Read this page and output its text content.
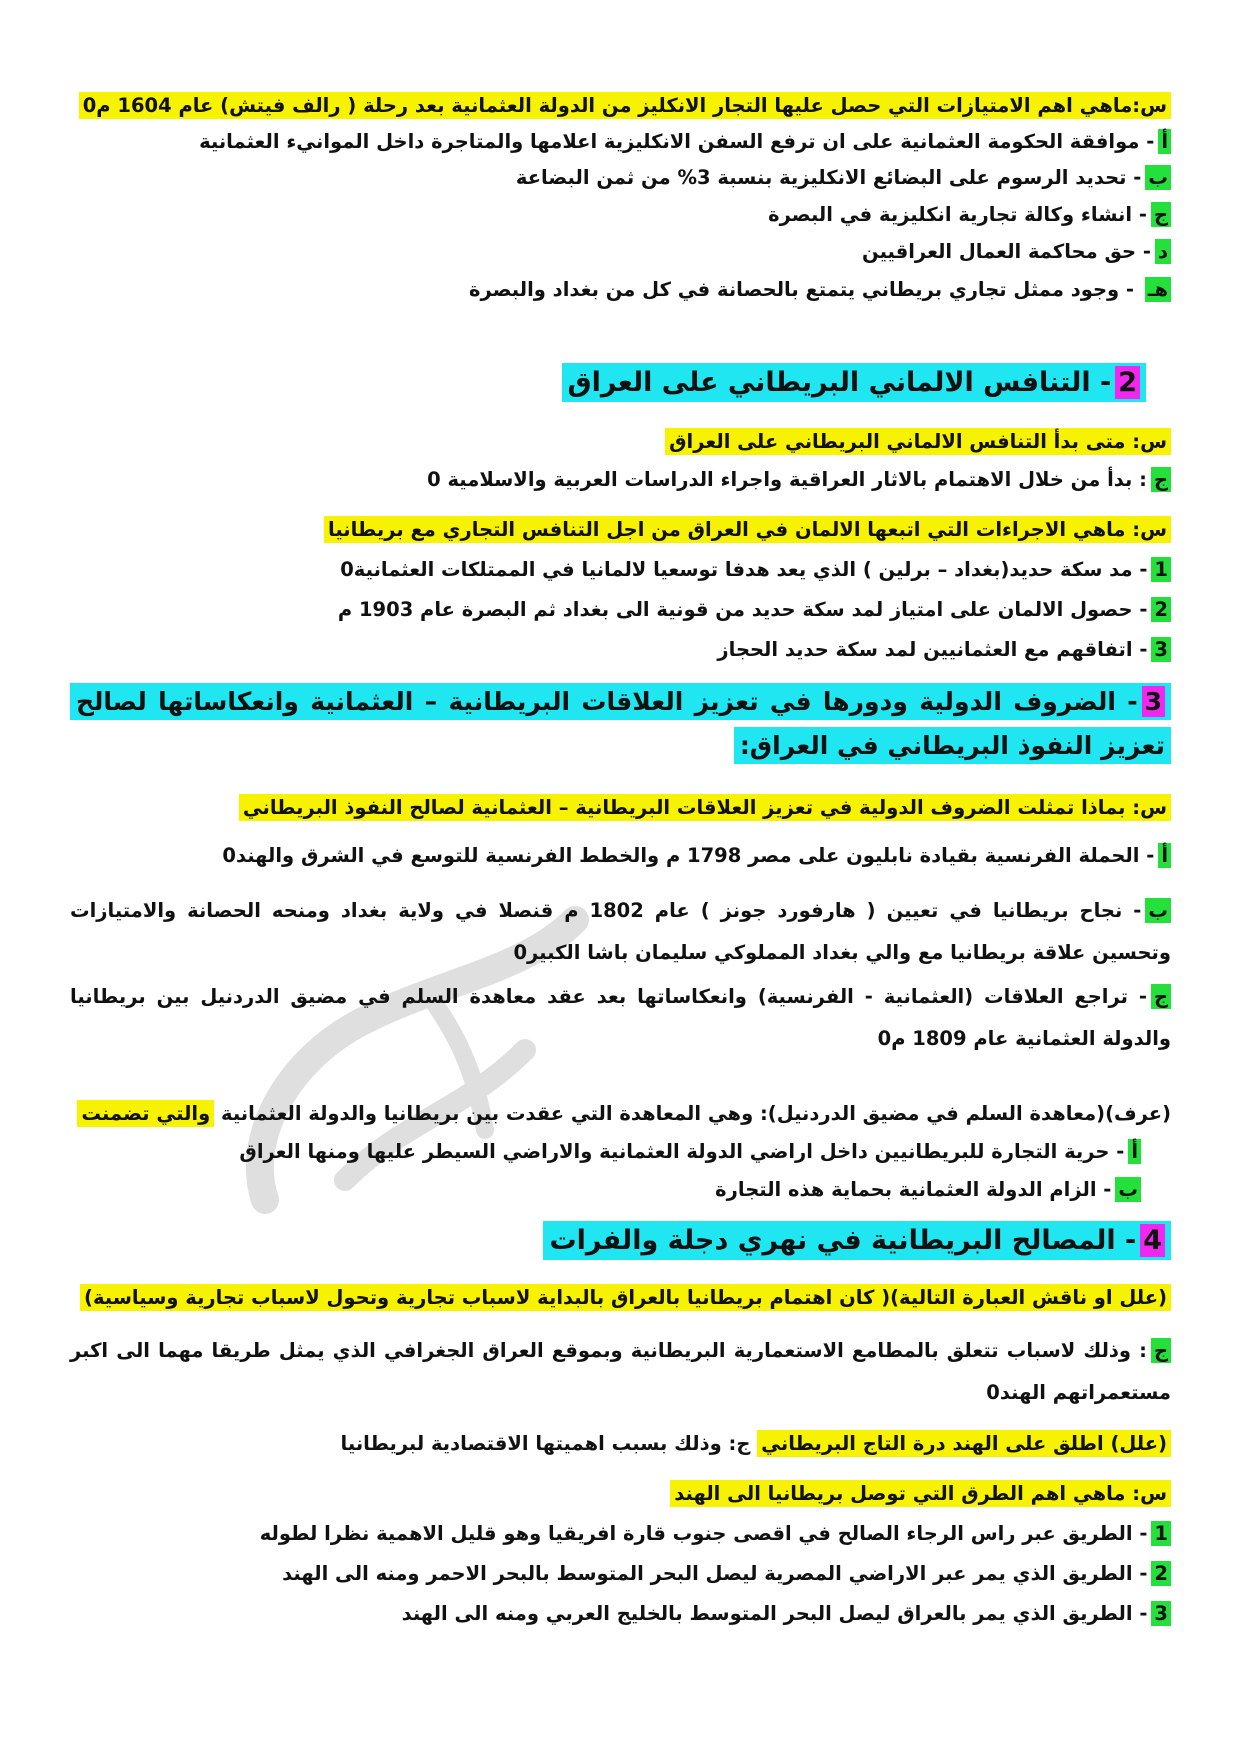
س:ماهي اهم الامتيازات التي حصل عليها التجار الانكليز من الدولة العثمانية بعد رحلة ( رالف فيتش) عام 1604 م0
أ- موافقة الحكومة العثمانية على ان ترفع السفن الانكليزية اعلامها والمتاجرة داخل الموانيء العثمانية
ب- تحديد الرسوم على البضائع الانكليزية بنسبة 3% من ثمن البضاعة
ج- انشاء وكالة تجارية انكليزية في البصرة
د- حق محاكمة العمال العراقيين
هـ - وجود ممثل تجاري بريطاني يتمتع بالحصانة في كل من بغداد والبصرة
2- التنافس الالماني البريطاني على العراق
س: متى بدأ التنافس الالماني البريطاني على العراق
ج: بدأ من خلال الاهتمام بالاثار العراقية واجراء الدراسات العربية والاسلامية 0
س: ماهي الاجراءات التي اتبعها الالمان في العراق من اجل التنافس التجاري مع بريطانيا
1- مد سكة حديد(بغداد – برلين ) الذي يعد هدفا توسعيا لالمانيا في الممتلكات العثمانية0
2- حصول الالمان على امتياز لمد سكة حديد من قونية الى بغداد ثم البصرة عام 1903 م
3- اتفاقهم مع العثمانيين لمد سكة حديد الحجاز
3- الضروف الدولية ودورها في تعزيز العلاقات البريطانية – العثمانية وانعكاساتها لصالح تعزيز النفوذ البريطاني في العراق:
س: بماذا تمثلت الضروف الدولية في تعزيز العلاقات البريطانية – العثمانية لصالح النفوذ البريطاني
أ- الحملة الفرنسية بقيادة نابليون على مصر 1798 م والخطط الفرنسية للتوسع في الشرق والهند0
ب- نجاح بريطانيا في تعيين ( هارفورد جونز ) عام 1802 م قنصلا في ولاية بغداد ومنحه الحصانة والامتيازات وتحسين علاقة بريطانيا مع والي بغداد المملوكي سليمان باشا الكبير0
ج- تراجع العلاقات (العثمانية - الفرنسية) وانعكاساتها بعد عقد معاهدة السلم في مضيق الدردنيل بين بريطانيا والدولة العثمانية عام 1809 م0
(عرف)(معاهدة السلم في مضيق الدردنيل): وهي المعاهدة التي عقدت بين بريطانيا والدولة العثمانية والتي تضمنت
أ- حرية التجارة للبريطانيين داخل اراضي الدولة العثمانية والاراضي السيطر عليها ومنها العراق
ب- الزام الدولة العثمانية بحماية هذه التجارة
4- المصالح البريطانية في نهري دجلة والفرات
(علل او ناقش العبارة التالية)( كان اهتمام بريطانيا بالعراق بالبداية لاسباب تجارية وتحول لاسباب تجارية وسياسية)
ج: وذلك لاسباب تتعلق بالمطامع الاستعمارية البريطانية وبموقع العراق الجغرافي الذي يمثل طريقا مهما الى اكبر مستعمراتهم الهند0
(علل) اطلق على الهند درة التاج البريطاني ج: وذلك بسبب اهميتها الاقتصادية لبريطانيا
س: ماهي اهم الطرق التي توصل بريطانيا الى الهند
1- الطريق عبر راس الرجاء الصالح في اقصى جنوب قارة افريقيا وهو قليل الاهمية نظرا لطوله
2- الطريق الذي يمر عبر الاراضي المصرية ليصل البحر المتوسط بالبحر الاحمر ومنه الى الهند
3- الطريق الذي يمر بالعراق ليصل البحر المتوسط بالخليج العربي ومنه الى الهند
